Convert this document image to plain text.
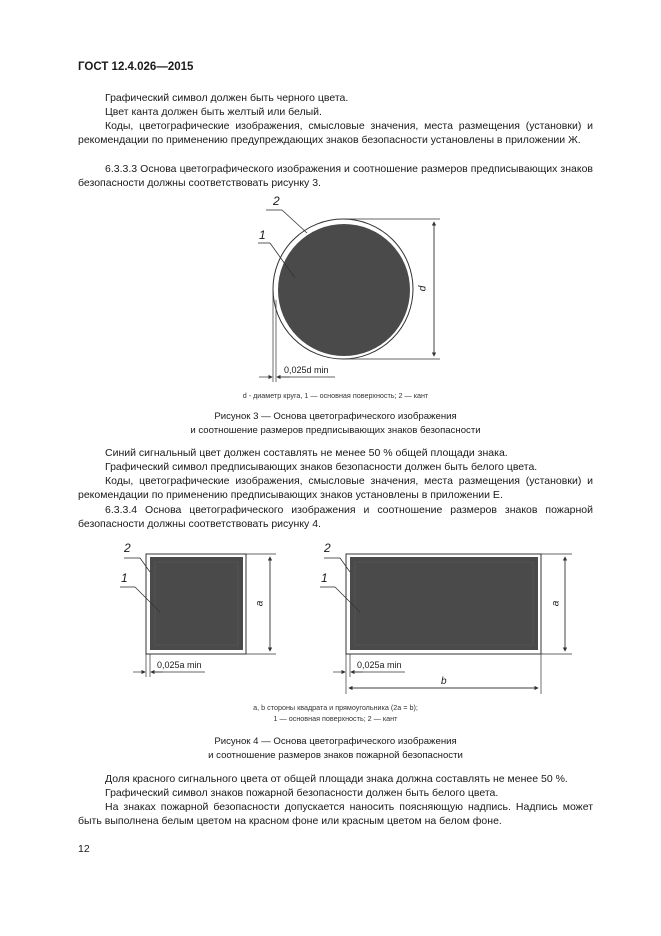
ГОСТ 12.4.026—2015
Графический символ должен быть черного цвета.
Цвет канта должен быть желтый или белый.
Коды, цветографические изображения, смысловые значения, места размещения (установки) и рекомендации по применению предупреждающих знаков безопасности установлены в приложении Ж.
6.3.3.3 Основа цветографического изображения и соотношение размеров предписывающих знаков безопасности должны соответствовать рисунку 3.
2
1
d
0,025d min
d - диаметр круга, 1 — основная поверхность; 2 — кант
Рисунок 3 — Основа цветографического изображения
и соотношение размеров предписывающих знаков безопасности
Синий сигнальный цвет должен составлять не менее 50 % общей площади знака.
Графический символ предписывающих знаков безопасности должен быть белого цвета.
Коды, цветографические изображения, смысловые значения, места размещения (установки) и рекомендации по применению предписывающих знаков установлены в приложении Е.
6.3.3.4 Основа цветографического изображения и соотношение размеров знаков пожарной безопасности должны соответствовать рисунку 4.
2
1
a
0,025a min
2
1
a
0,025a min
b
a, b стороны квадрата и прямоугольника (2a = b);
1 — основная поверхность; 2 — кант
Рисунок 4 — Основа цветографического изображения
и соотношение размеров знаков пожарной безопасности
Доля красного сигнального цвета от общей площади знака должна составлять не менее 50 %.
Графический символ знаков пожарной безопасности должен быть белого цвета.
На знаках пожарной безопасности допускается наносить поясняющую надпись. Надпись может быть выполнена белым цветом на красном фоне или красным цветом на белом фоне.
12
